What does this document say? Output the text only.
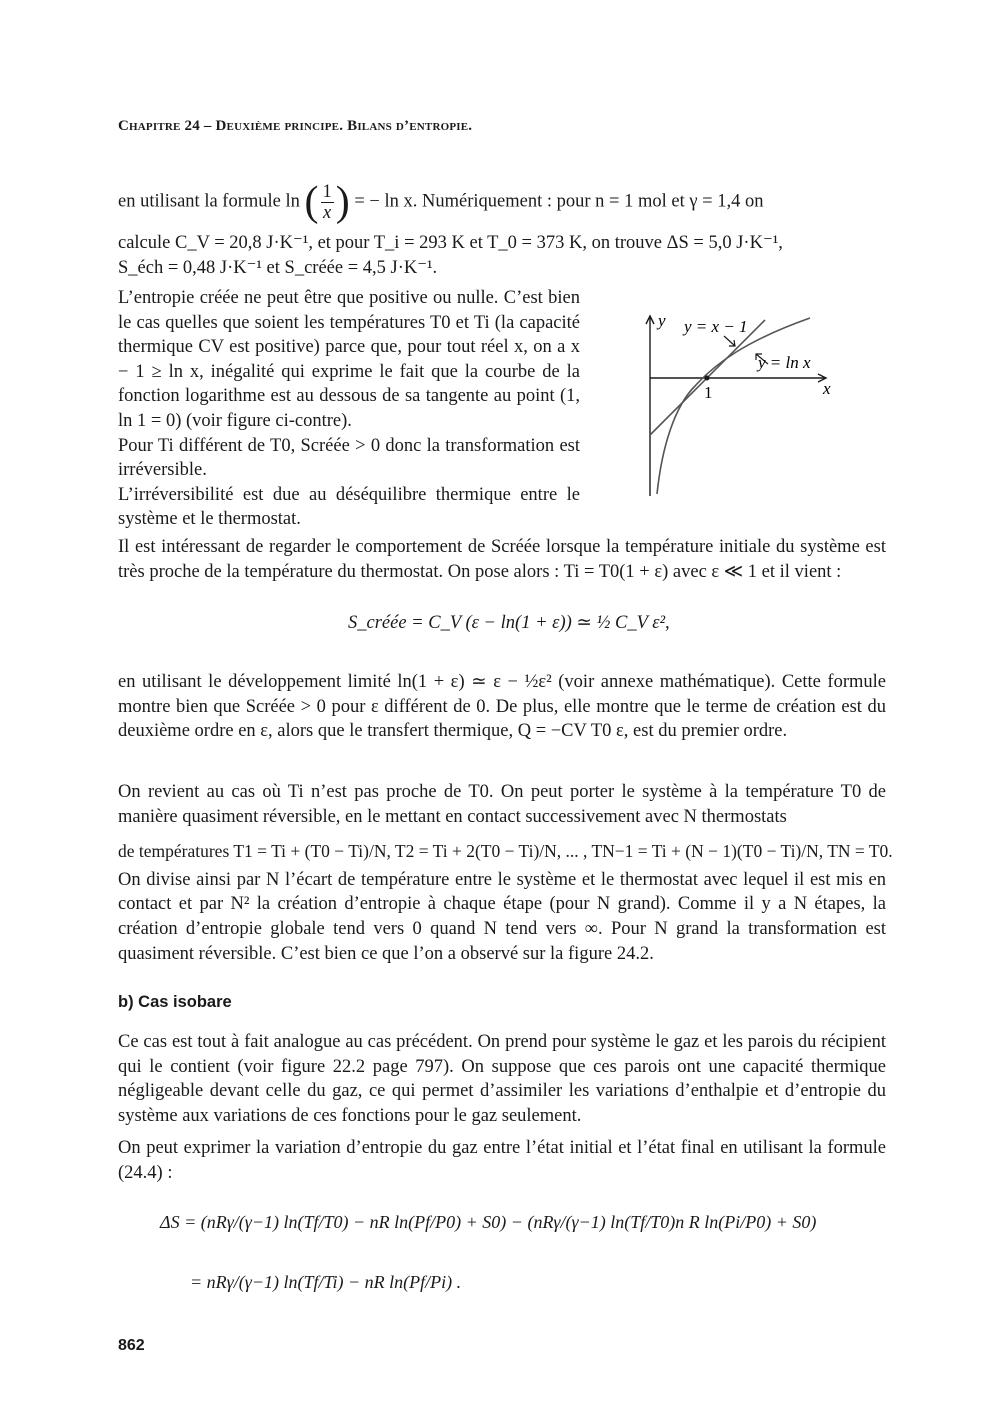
Chapitre 24 – Deuxième principe. Bilans d’entropie.
en utilisant la formule ln ( $\frac{1}{x}$ ) = − ln x. Numériquement : pour n = 1 mol et γ = 1,4 on
calcule C_V = 20,8 J·K⁻¹, et pour T_i = 293 K et T_0 = 373 K, on trouve ΔS = 5,0 J·K⁻¹,
S_éch = 0,48 J·K⁻¹ et S_créée = 4,5 J·K⁻¹.

L’entropie créée ne peut être que positive ou nulle. C’est bien le cas quelles que soient les températures T0 et Ti (la capacité thermique CV est positive) parce que, pour tout réel x, on a x − 1 ≥ ln x, inégalité qui exprime le fait que la courbe de la fonction logarithme est au dessous de sa tangente au point (1, ln 1 = 0) (voir figure ci-contre).

Pour Ti différent de T0, Scréée > 0 donc la transformation est irréversible.

L’irréversibilité est due au déséquilibre thermique entre le système et le thermostat.

y
x
y = x − 1
y = ln x
1

Il est intéressant de regarder le comportement de Scréée lorsque la température initiale du système est très proche de la température du thermostat. On pose alors : Ti = T0(1 + ε) avec ε ≪ 1 et il vient :

S_créée = C_V (ε − ln(1 + ε)) ≃ ½ C_V ε²,

en utilisant le développement limité ln(1 + ε) ≃ ε − ½ε² (voir annexe mathématique). Cette formule montre bien que Scréée > 0 pour ε différent de 0. De plus, elle montre que le terme de création est du deuxième ordre en ε, alors que le transfert thermique, Q = −CV T0 ε, est du premier ordre.

On revient au cas où Ti n’est pas proche de T0. On peut porter le système à la température T0 de manière quasiment réversible, en le mettant en contact successivement avec N thermostats

de températures T1 = Ti + (T0 − Ti)/N, T2 = Ti + 2(T0 − Ti)/N, ... , TN−1 = Ti + (N − 1)(T0 − Ti)/N, TN = T0.

On divise ainsi par N l’écart de température entre le système et le thermostat avec lequel il est mis en contact et par N² la création d’entropie à chaque étape (pour N grand). Comme il y a N étapes, la création d’entropie globale tend vers 0 quand N tend vers ∞. Pour N grand la transformation est quasiment réversible. C’est bien ce que l’on a observé sur la figure 24.2.

b) Cas isobare

Ce cas est tout à fait analogue au cas précédent. On prend pour système le gaz et les parois du récipient qui le contient (voir figure 22.2 page 797). On suppose que ces parois ont une capacité thermique négligeable devant celle du gaz, ce qui permet d’assimiler les variations d’enthalpie et d’entropie du système aux variations de ces fonctions pour le gaz seulement.

On peut exprimer la variation d’entropie du gaz entre l’état initial et l’état final en utilisant la formule (24.4) :

ΔS = (nRγ/(γ−1) ln(Tf/T0) − nR ln(Pf/P0) + S0) − (nRγ/(γ−1) ln(Tf/T0)n R ln(Pi/P0) + S0)
= nRγ/(γ−1) ln(Tf/Ti) − nR ln(Pf/Pi) .
862
